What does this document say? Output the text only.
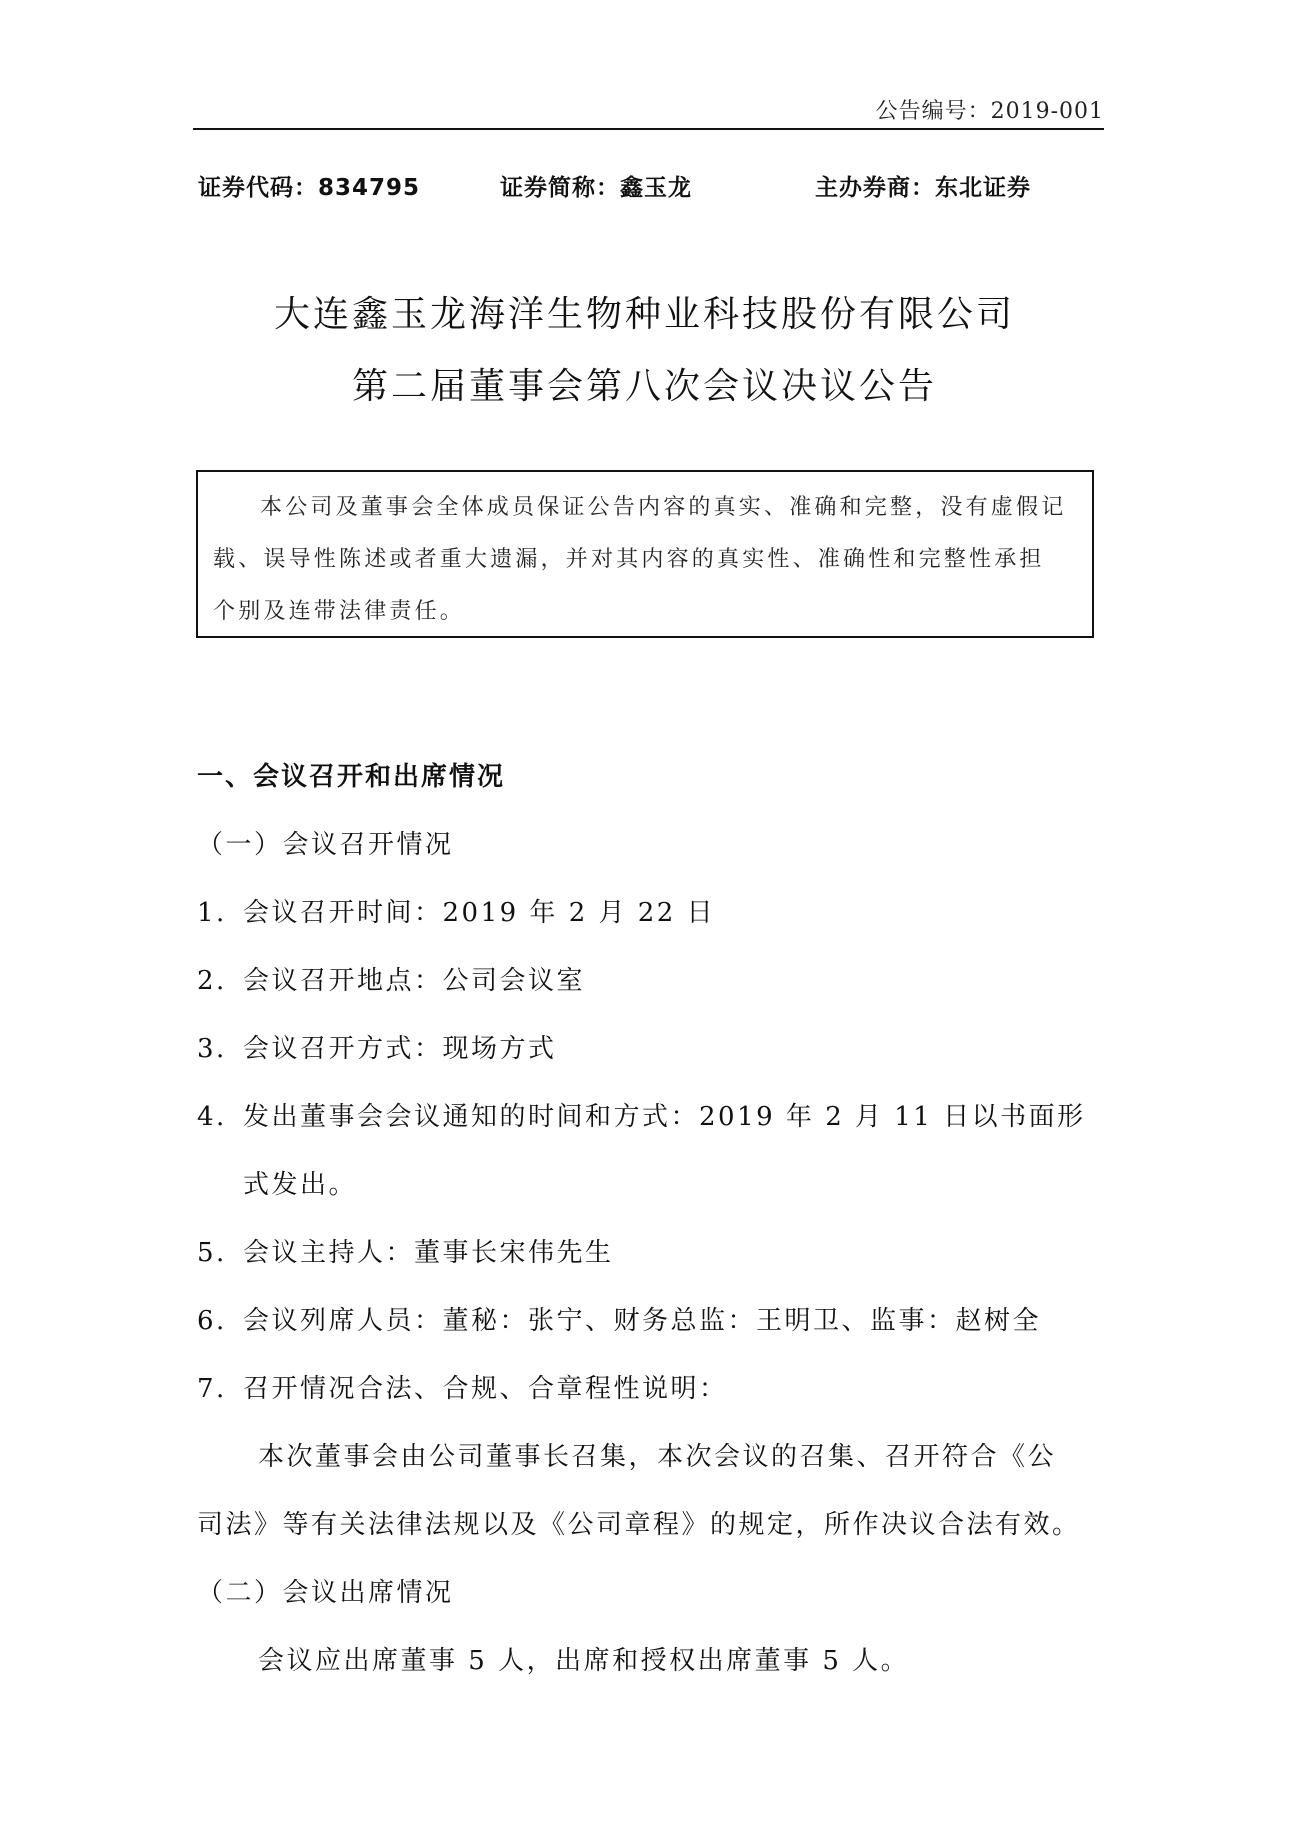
公告编号：2019-001
证券代码：834795	证券简称：鑫玉龙	主办券商：东北证券
大连鑫玉龙海洋生物种业科技股份有限公司
第二届董事会第八次会议决议公告
本公司及董事会全体成员保证公告内容的真实、准确和完整，没有虚假记
载、误导性陈述或者重大遗漏，并对其内容的真实性、准确性和完整性承担
个别及连带法律责任。
一、会议召开和出席情况
（一）会议召开情况
1. 会议召开时间：2019 年 2 月 22 日
2. 会议召开地点：公司会议室
3. 会议召开方式：现场方式
4. 发出董事会会议通知的时间和方式：2019 年 2 月 11 日以书面形
式发出。
5. 会议主持人：董事长宋伟先生
6. 会议列席人员：董秘：张宁、财务总监：王明卫、监事：赵树全
7. 召开情况合法、合规、合章程性说明：
本次董事会由公司董事长召集，本次会议的召集、召开符合《公
司法》等有关法律法规以及《公司章程》的规定，所作决议合法有效。
（二）会议出席情况
会议应出席董事 5 人，出席和授权出席董事 5 人。
